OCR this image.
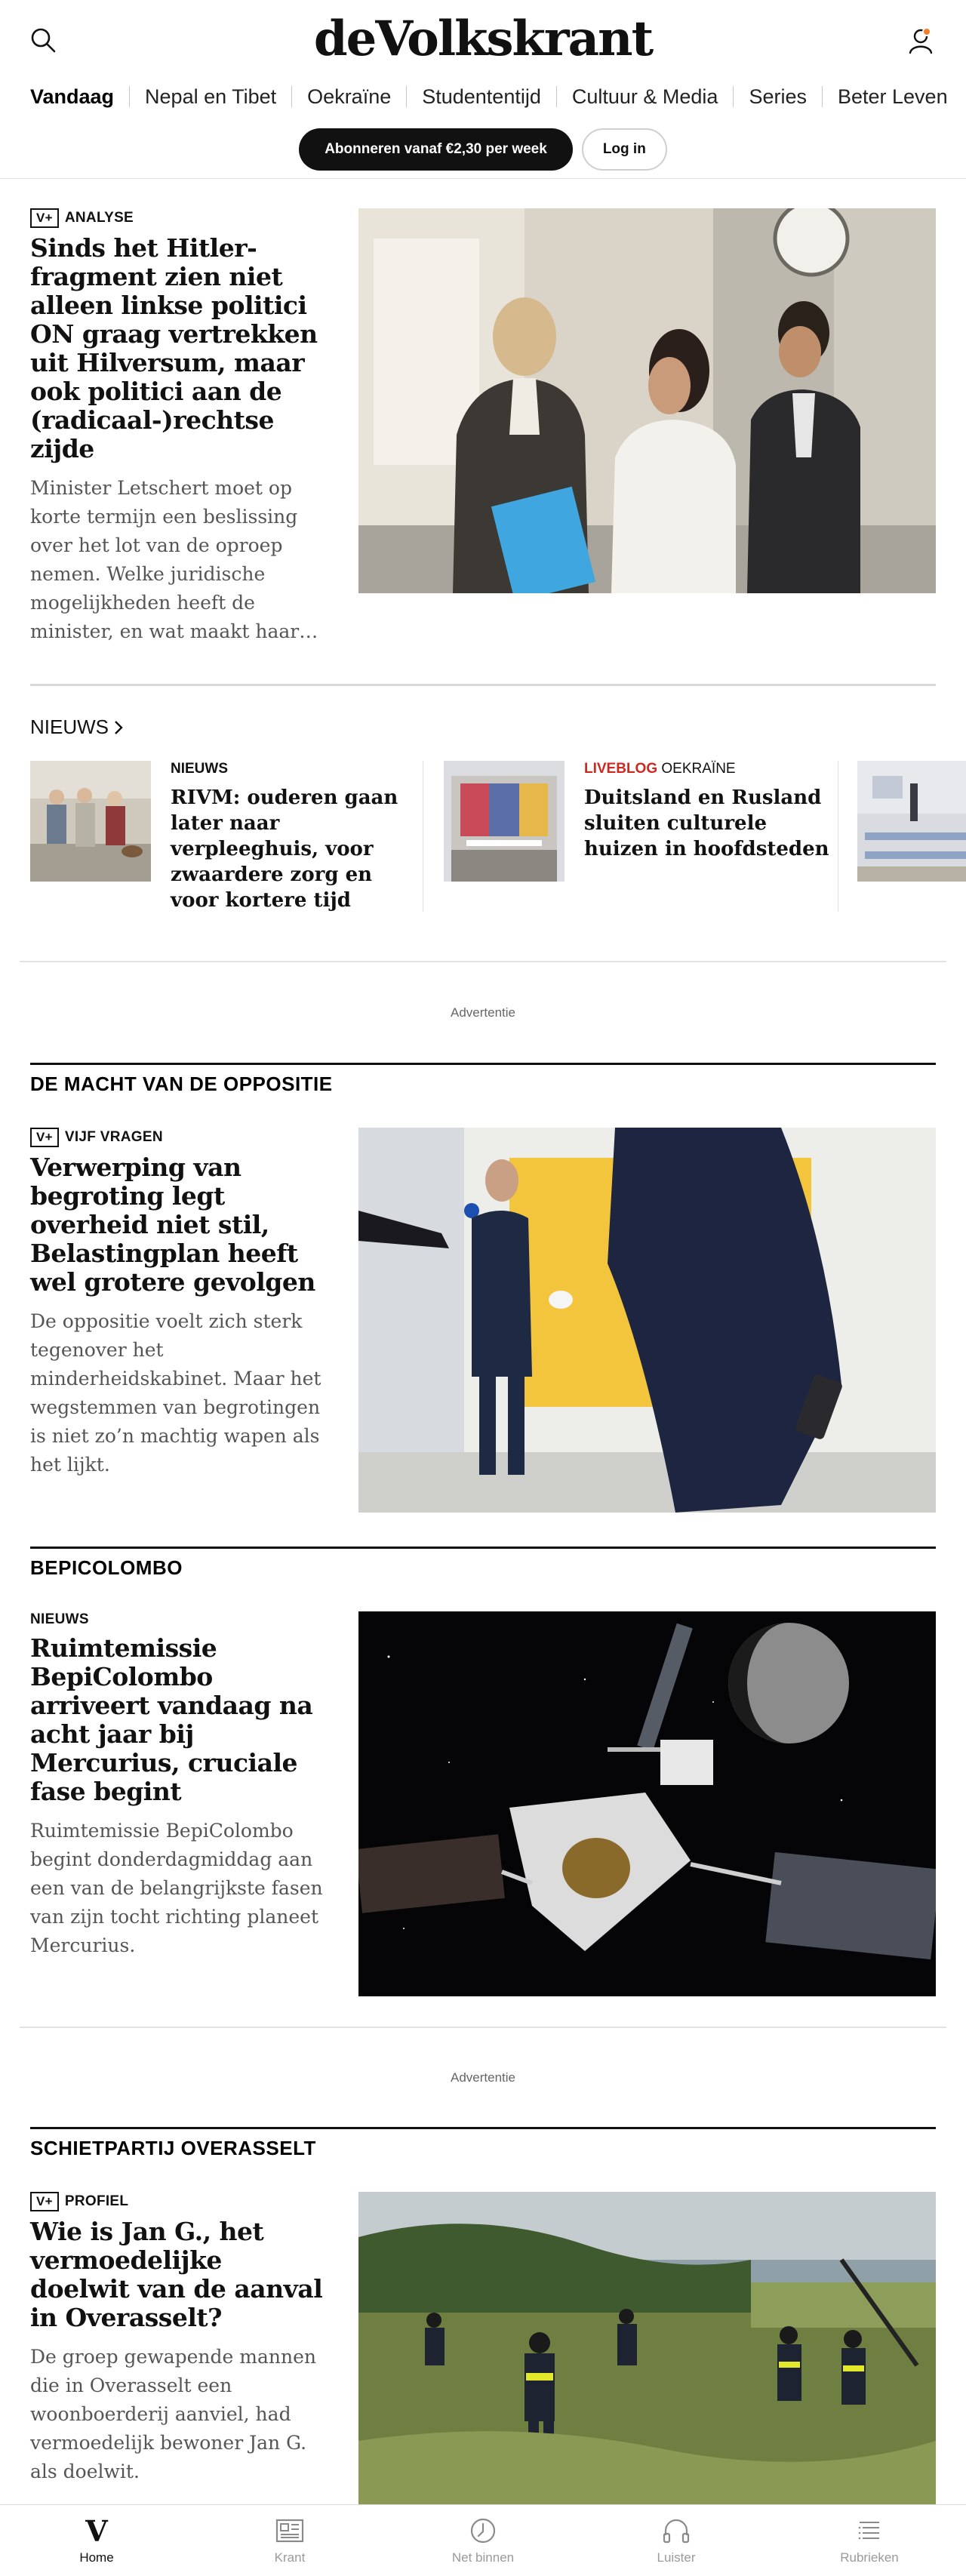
deVolkskrant
Vandaag Nepal en Tibet Oekraïne Studententijd Cultuur & Media Series Beter Leven
Abonneren vanaf €2,30 per week	Log in
V+ ANALYSE
Sinds het Hitler-fragment zien niet alleen linkse politici ON graag vertrekken uit Hilversum, maar ook politici aan de (radicaal-)rechtse zijde
Minister Letschert moet op korte termijn een beslissing over het lot van de oproep nemen. Welke juridische mogelijkheden heeft de minister, en wat maakt haar…
NIEUWS
NIEUWS
RIVM: ouderen gaan later naar verpleeghuis, voor zwaardere zorg en voor kortere tijd
LIVEBLOG OEKRAÏNE
Duitsland en Rusland sluiten culturele huizen in hoofdsteden
Advertentie
DE MACHT VAN DE OPPOSITIE
V+ VIJF VRAGEN
Verwerping van begroting legt overheid niet stil, Belastingplan heeft wel grotere gevolgen
De oppositie voelt zich sterk tegenover het minderheidskabinet. Maar het wegstemmen van begrotingen is niet zo’n machtig wapen als het lijkt.
BEPICOLOMBO
NIEUWS
Ruimtemissie BepiColombo arriveert vandaag na acht jaar bij Mercurius, cruciale fase begint
Ruimtemissie BepiColombo begint donderdagmiddag aan een van de belangrijkste fasen van zijn tocht richting planeet Mercurius.
Advertentie
SCHIETPARTIJ OVERASSELT
V+ PROFIEL
Wie is Jan G., het vermoedelijke doelwit van de aanval in Overasselt?
De groep gewapende mannen die in Overasselt een woonboerderij aanviel, had vermoedelijk bewoner Jan G. als doelwit.
V
Home	Krant	Net binnen	Luister	Rubrieken
